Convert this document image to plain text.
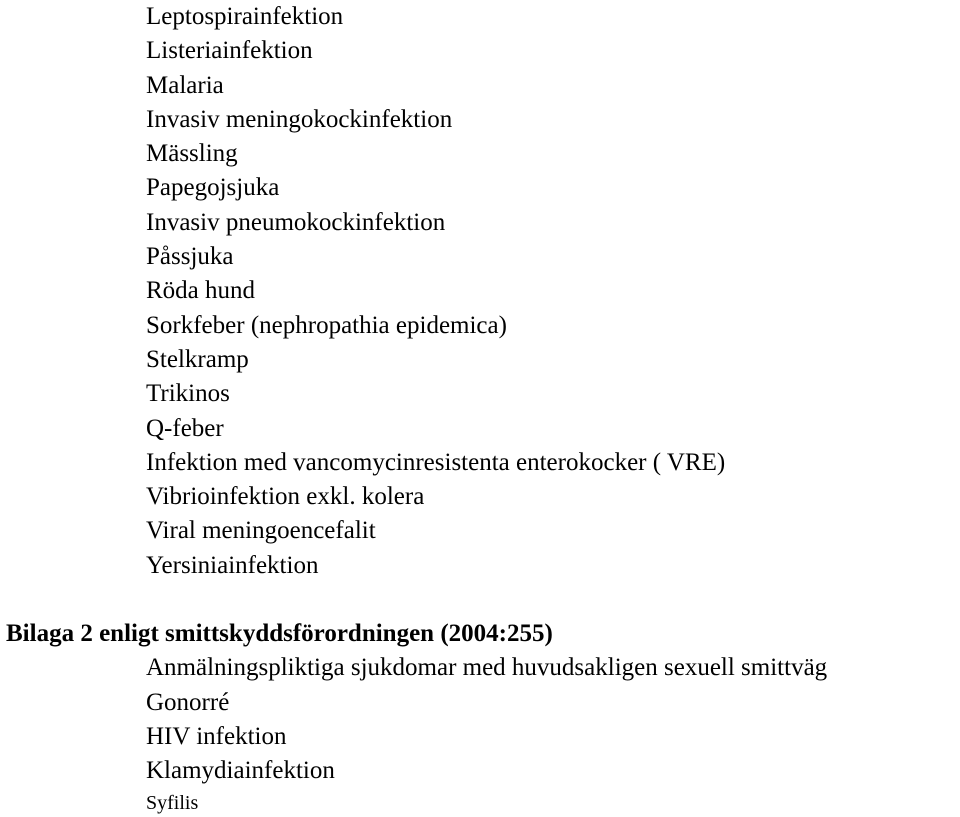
Leptospirainfektion

Listeriainfektion

Malaria

Invasiv meningokockinfektion

Mässling

Papegojsjuka

Invasiv pneumokockinfektion

Påssjuka

Röda hund

Sorkfeber (nephropathia epidemica)

Stelkramp

Trikinos

Q-feber

Infektion med vancomycinresistenta enterokocker ( VRE)

Vibrioinfektion exkl. kolera

Viral meningoencefalit

Yersiniainfektion

Bilaga 2 enligt smittskyddsförordningen (2004:255)

Anmälningspliktiga sjukdomar med huvudsakligen sexuell smittväg

Gonorré

HIV infektion

Klamydiainfektion

Syfilis
